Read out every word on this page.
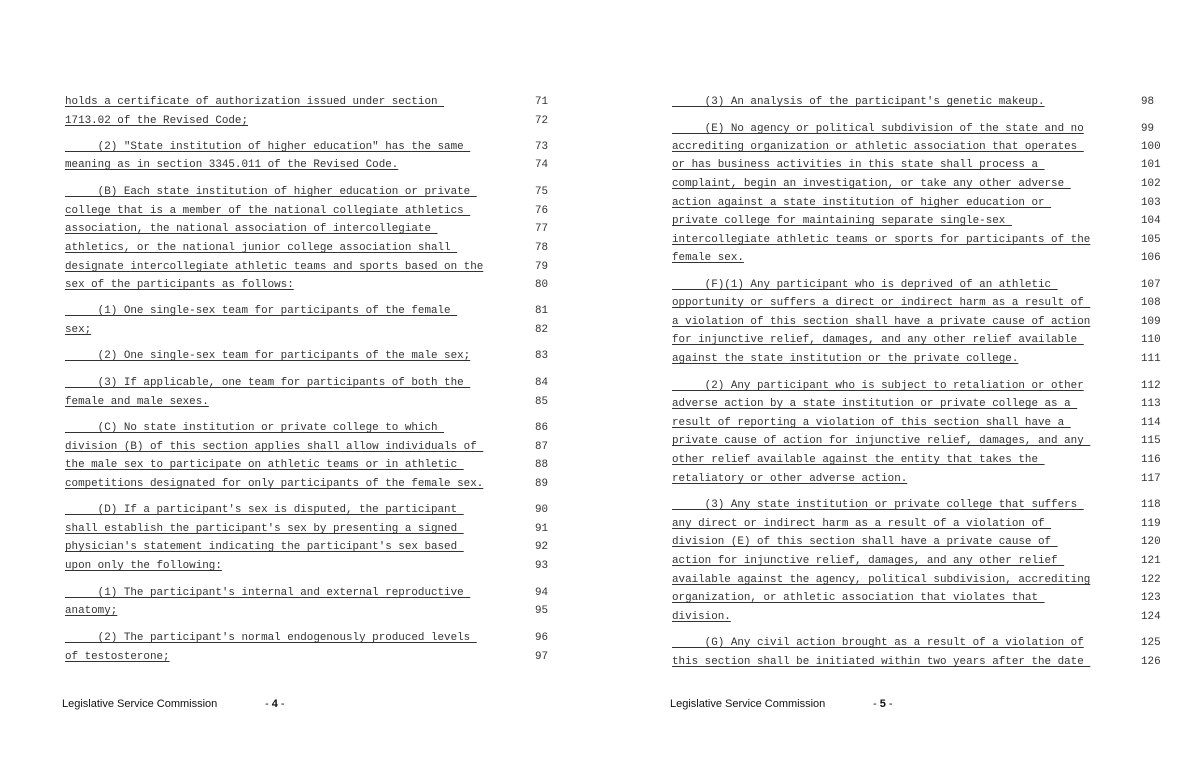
holds a certificate of authorization issued under section	71
1713.02 of the Revised Code;	72
(2) "State institution of higher education" has the same	73
meaning as in section 3345.011 of the Revised Code.	74
(B) Each state institution of higher education or private	75
college that is a member of the national collegiate athletics	76
association, the national association of intercollegiate	77
athletics, or the national junior college association shall	78
designate intercollegiate athletic teams and sports based on the	79
sex of the participants as follows:	80
(1) One single-sex team for participants of the female	81
sex;	82
(2) One single-sex team for participants of the male sex;	83
(3) If applicable, one team for participants of both the	84
female and male sexes.	85
(C) No state institution or private college to which	86
division (B) of this section applies shall allow individuals of	87
the male sex to participate on athletic teams or in athletic	88
competitions designated for only participants of the female sex.	89
(D) If a participant's sex is disputed, the participant	90
shall establish the participant's sex by presenting a signed	91
physician's statement indicating the participant's sex based	92
upon only the following:	93
(1) The participant's internal and external reproductive	94
anatomy;	95
(2) The participant's normal endogenously produced levels	96
of testosterone;	97
Legislative Service Commission	- 4 -
(3) An analysis of the participant's genetic makeup.	98
(E) No agency or political subdivision of the state and no	99
accrediting organization or athletic association that operates	100
or has business activities in this state shall process a	101
complaint, begin an investigation, or take any other adverse	102
action against a state institution of higher education or	103
private college for maintaining separate single-sex	104
intercollegiate athletic teams or sports for participants of the	105
female sex.	106
(F)(1) Any participant who is deprived of an athletic	107
opportunity or suffers a direct or indirect harm as a result of	108
a violation of this section shall have a private cause of action	109
for injunctive relief, damages, and any other relief available	110
against the state institution or the private college.	111
(2) Any participant who is subject to retaliation or other	112
adverse action by a state institution or private college as a	113
result of reporting a violation of this section shall have a	114
private cause of action for injunctive relief, damages, and any	115
other relief available against the entity that takes the	116
retaliatory or other adverse action.	117
(3) Any state institution or private college that suffers	118
any direct or indirect harm as a result of a violation of	119
division (E) of this section shall have a private cause of	120
action for injunctive relief, damages, and any other relief	121
available against the agency, political subdivision, accrediting	122
organization, or athletic association that violates that	123
division.	124
(G) Any civil action brought as a result of a violation of	125
this section shall be initiated within two years after the date	126
Legislative Service Commission	- 5 -
